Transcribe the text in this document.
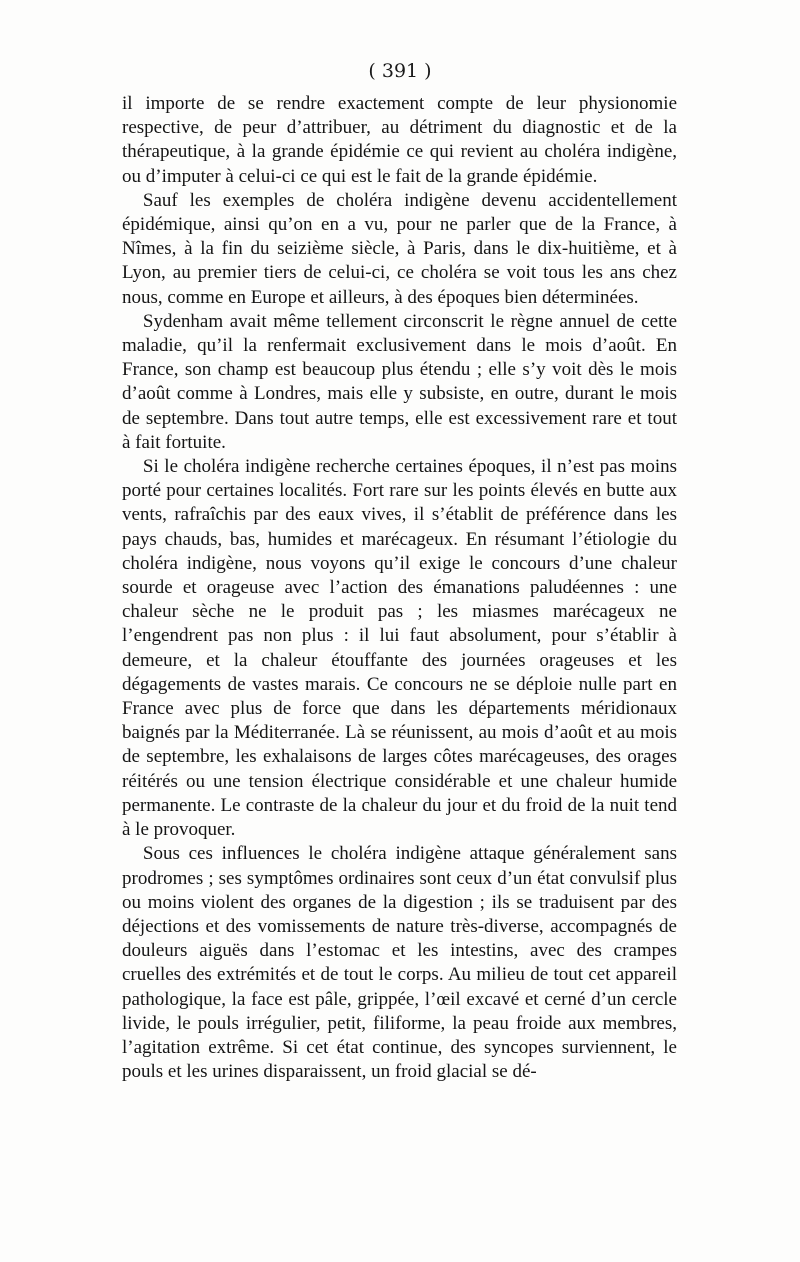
( 391 )

il importe de se rendre exactement compte de leur physionomie respective, de peur d’attribuer, au détriment du diagnostic et de la thérapeutique, à la grande épidémie ce qui revient au choléra indigène, ou d’imputer à celui-ci ce qui est le fait de la grande épidémie.

Sauf les exemples de choléra indigène devenu accidentellement épidémique, ainsi qu’on en a vu, pour ne parler que de la France, à Nîmes, à la fin du seizième siècle, à Paris, dans le dix-huitième, et à Lyon, au premier tiers de celui-ci, ce choléra se voit tous les ans chez nous, comme en Europe et ailleurs, à des époques bien déterminées.

Sydenham avait même tellement circonscrit le règne annuel de cette maladie, qu’il la renfermait exclusivement dans le mois d’août. En France, son champ est beaucoup plus étendu ; elle s’y voit dès le mois d’août comme à Londres, mais elle y subsiste, en outre, durant le mois de septembre. Dans tout autre temps, elle est excessivement rare et tout à fait fortuite.

Si le choléra indigène recherche certaines époques, il n’est pas moins porté pour certaines localités. Fort rare sur les points élevés en butte aux vents, rafraîchis par des eaux vives, il s’établit de préférence dans les pays chauds, bas, humides et marécageux. En résumant l’étiologie du choléra indigène, nous voyons qu’il exige le concours d’une chaleur sourde et orageuse avec l’action des émanations paludéennes : une chaleur sèche ne le produit pas ; les miasmes marécageux ne l’engendrent pas non plus : il lui faut absolument, pour s’établir à demeure, et la chaleur étouffante des journées orageuses et les dégagements de vastes marais. Ce concours ne se déploie nulle part en France avec plus de force que dans les départements méridionaux baignés par la Méditerranée. Là se réunissent, au mois d’août et au mois de septembre, les exhalaisons de larges côtes marécageuses, des orages réitérés ou une tension électrique considérable et une chaleur humide permanente. Le contraste de la chaleur du jour et du froid de la nuit tend à le provoquer.

Sous ces influences le choléra indigène attaque généralement sans prodromes ; ses symptômes ordinaires sont ceux d’un état convulsif plus ou moins violent des organes de la digestion ; ils se traduisent par des déjections et des vomissements de nature très-diverse, accompagnés de douleurs aiguës dans l’estomac et les intestins, avec des crampes cruelles des extrémités et de tout le corps. Au milieu de tout cet appareil pathologique, la face est pâle, grippée, l’œil excavé et cerné d’un cercle livide, le pouls irrégulier, petit, filiforme, la peau froide aux membres, l’agitation extrême. Si cet état continue, des syncopes surviennent, le pouls et les urines disparaissent, un froid glacial se dé-
